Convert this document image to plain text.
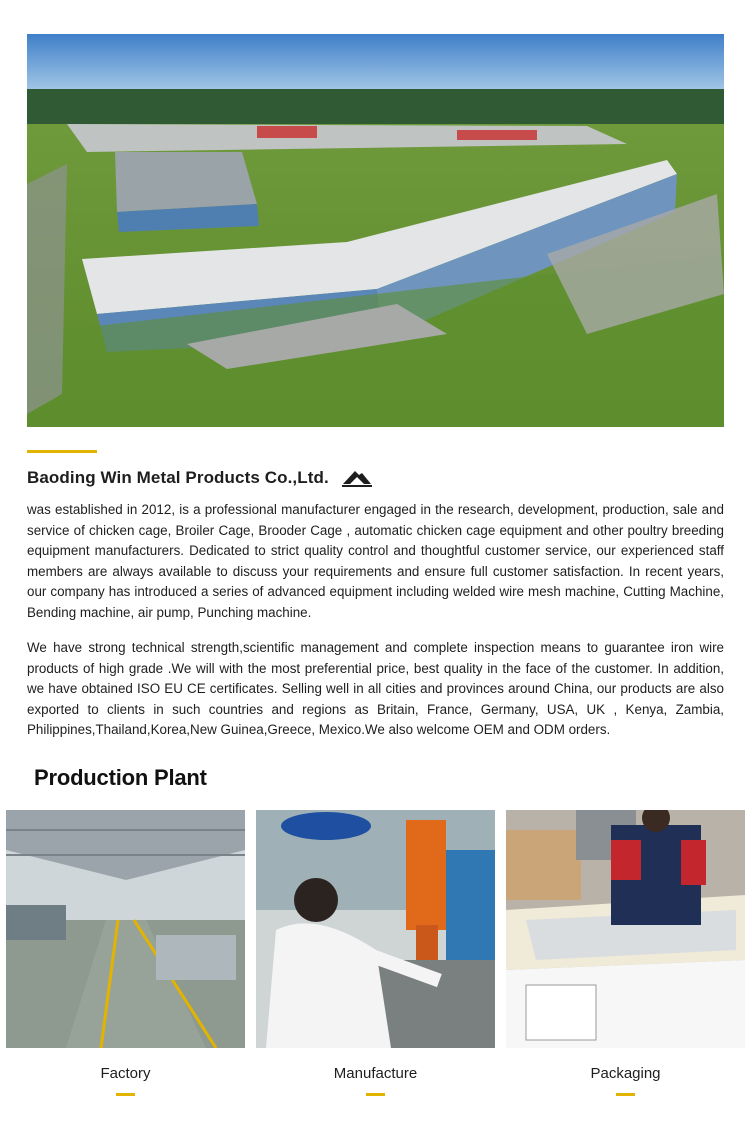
Baoding Win Metal Products Co.,Ltd.

was established in 2012, is a professional manufacturer engaged in the research, development, production, sale and service of chicken cage, Broiler Cage, Brooder Cage , automatic chicken cage equipment and other poultry breeding equipment manufacturers. Dedicated to strict quality control and thoughtful customer service, our experienced staff members are always available to discuss your requirements and ensure full customer satisfaction. In recent years, our company has introduced a series of advanced equipment including welded wire mesh machine, Cutting Machine, Bending machine, air pump, Punching machine.

We have strong technical strength,scientific management and complete inspection means to guarantee iron wire products of high grade .We will with the most preferential price, best quality in the face of the customer. In addition, we have obtained ISO EU CE certificates. Selling well in all cities and provinces around China, our products are also exported to clients in such countries and regions as Britain, France, Germany, USA, UK , Kenya, Zambia, Philippines,Thailand,Korea,New Guinea,Greece, Mexico.We also welcome OEM and ODM orders.

Production Plant
Factory	Manufacture	Packaging
